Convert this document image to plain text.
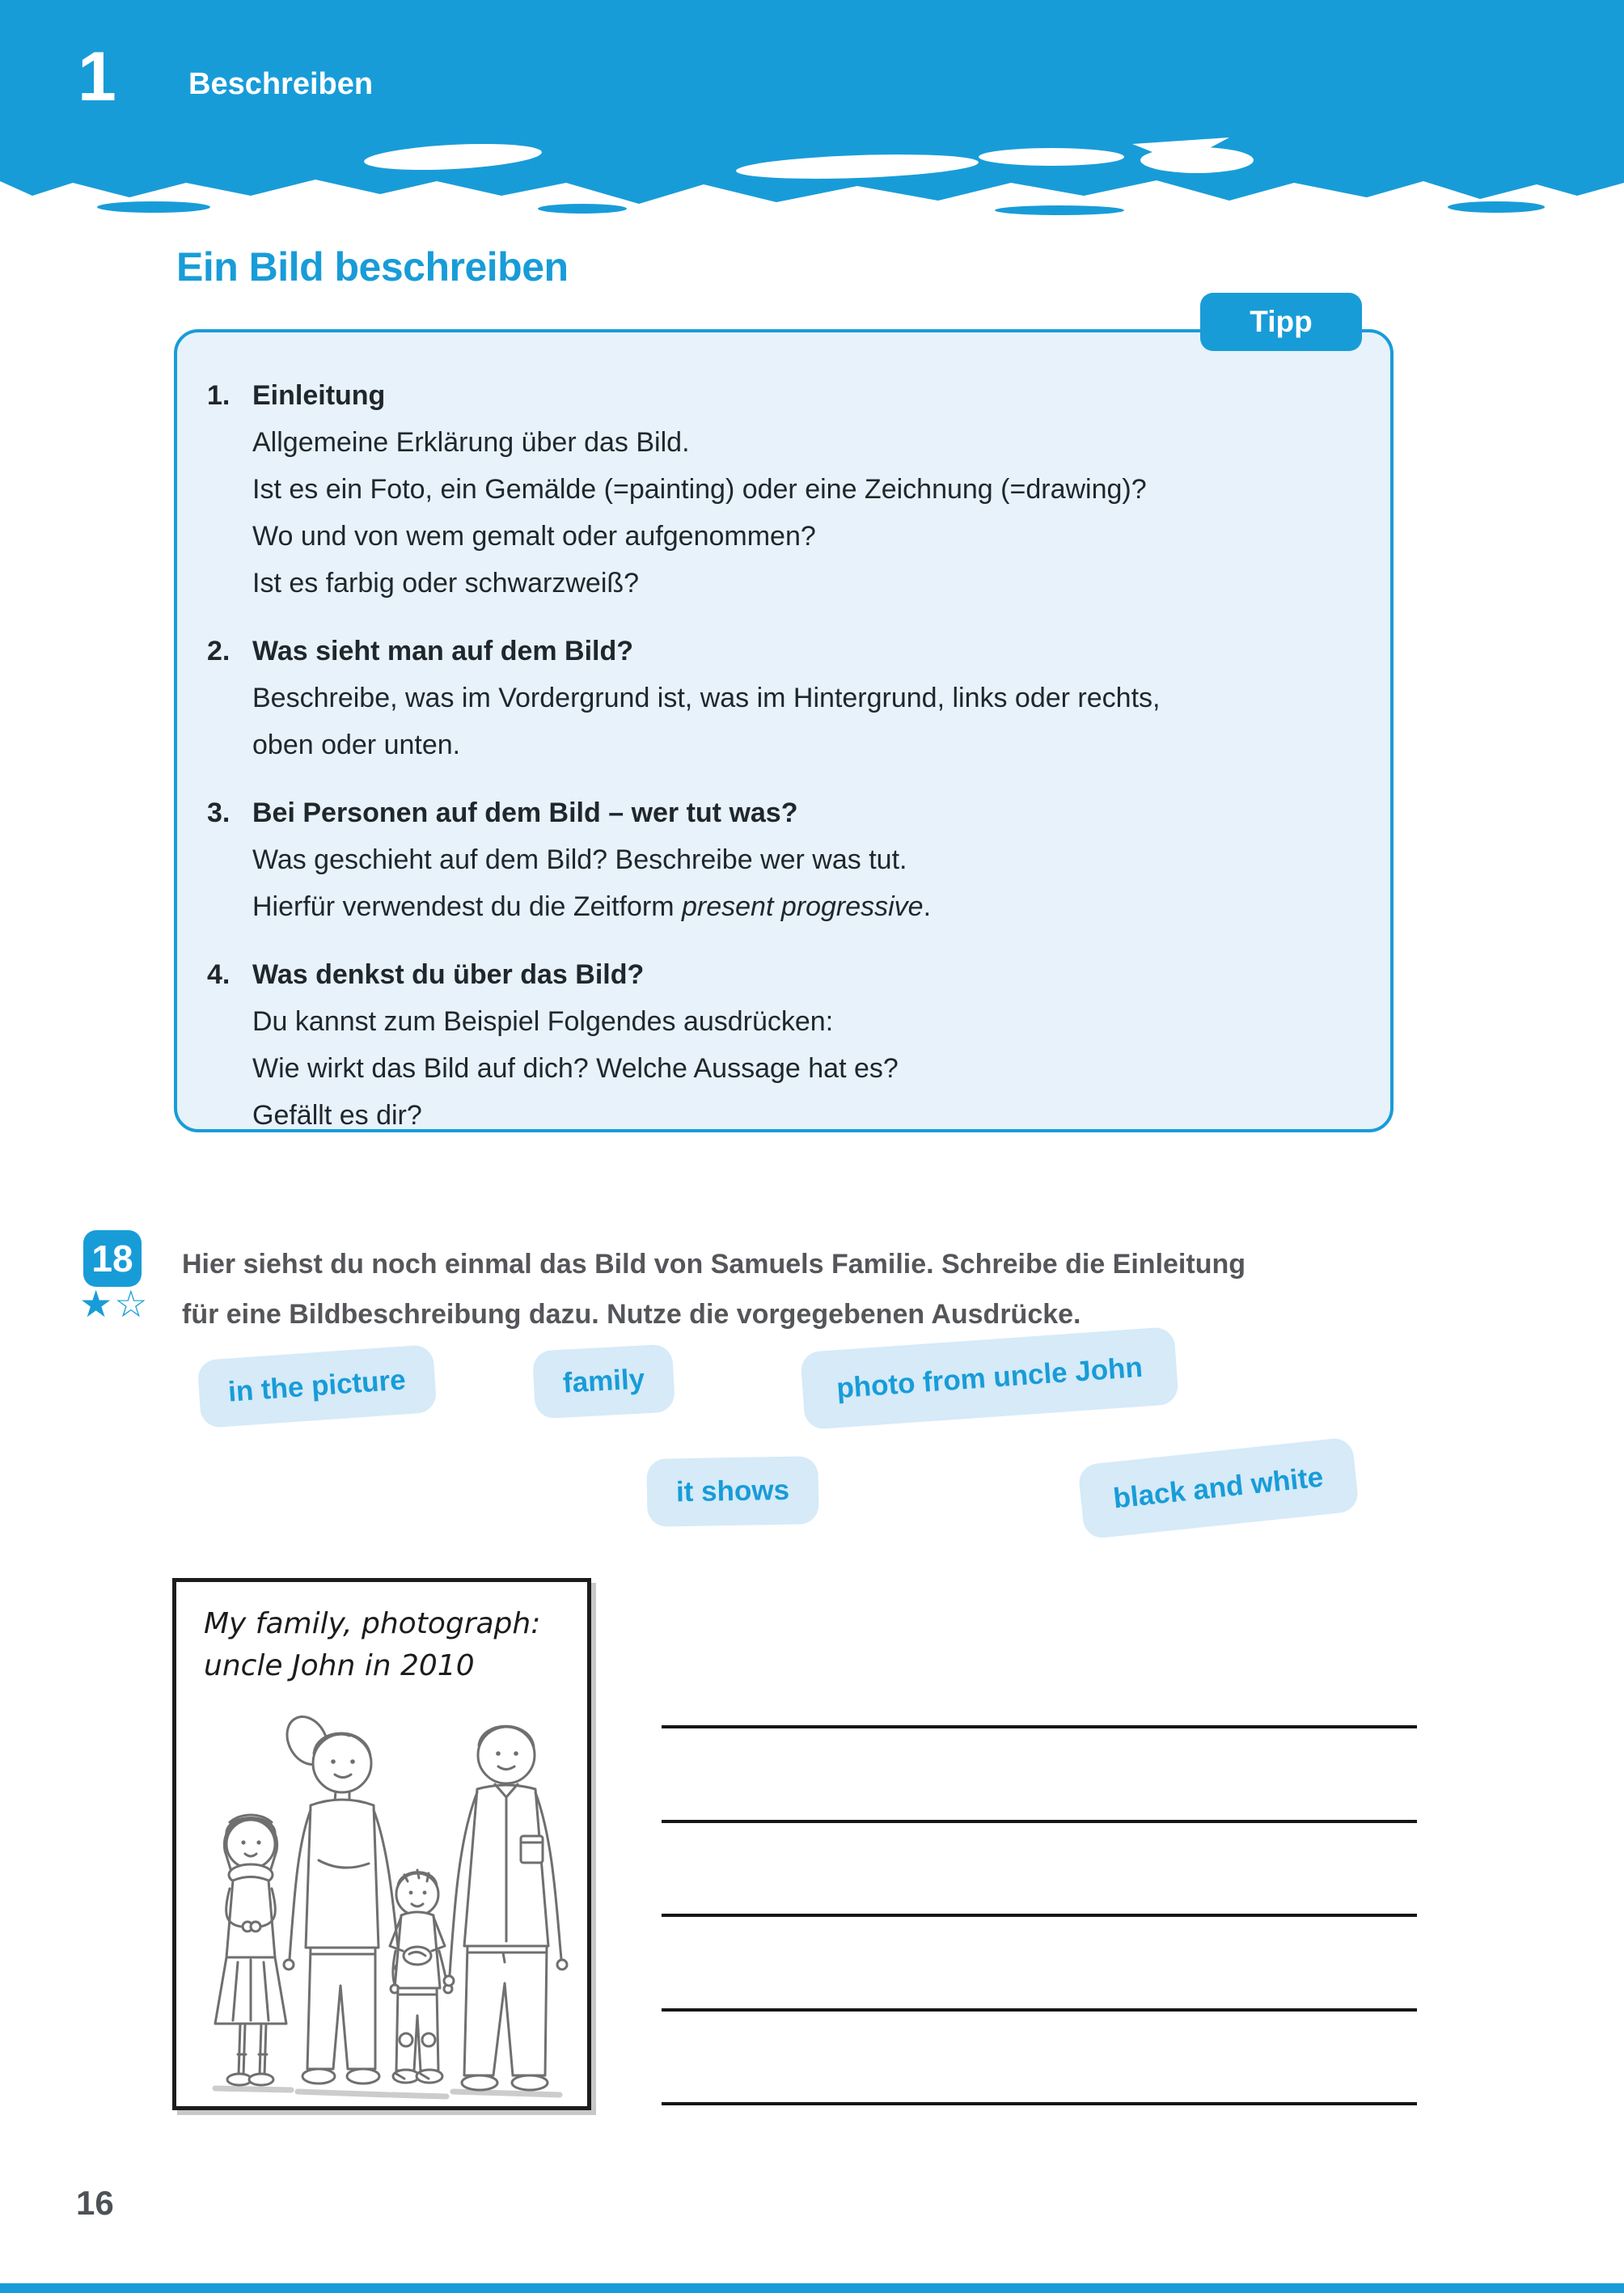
1 Beschreiben
Ein Bild beschreiben
Tipp
1. Einleitung
Allgemeine Erklärung über das Bild.
Ist es ein Foto, ein Gemälde (=painting) oder eine Zeichnung (=drawing)?
Wo und von wem gemalt oder aufgenommen?
Ist es farbig oder schwarzweiß?
2. Was sieht man auf dem Bild?
Beschreibe, was im Vordergrund ist, was im Hintergrund, links oder rechts,
oben oder unten.
3. Bei Personen auf dem Bild – wer tut was?
Was geschieht auf dem Bild? Beschreibe wer was tut.
Hierfür verwendest du die Zeitform present progressive.
4. Was denkst du über das Bild?
Du kannst zum Beispiel Folgendes ausdrücken:
Wie wirkt das Bild auf dich? Welche Aussage hat es?
Gefällt es dir?
18
★☆
Hier siehst du noch einmal das Bild von Samuels Familie. Schreibe die Einleitung
für eine Bildbeschreibung dazu. Nutze die vorgegebenen Ausdrücke.
in the picture	family	photo from uncle John
it shows	black and white
My family, photograph:
uncle John in 2010
16
